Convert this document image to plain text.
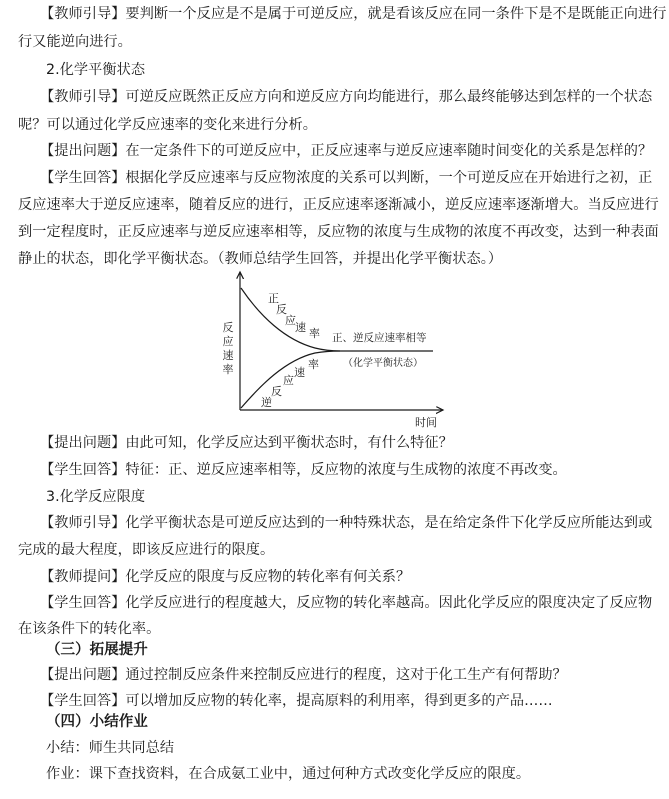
【教师引导】要判断一个反应是不是属于可逆反应，就是看该反应在同一条件下是不是既能正向进行
行又能逆向进行。
2.化学平衡状态
【教师引导】可逆反应既然正反应方向和逆反应方向均能进行，那么最终能够达到怎样的一个状态
呢？可以通过化学反应速率的变化来进行分析。
【提出问题】在一定条件下的可逆反应中，正反应速率与逆反应速率随时间变化的关系是怎样的？
【学生回答】根据化学反应速率与反应物浓度的关系可以判断，一个可逆反应在开始进行之初，正
反应速率大于逆反应速率，随着反应的进行，正反应速率逐渐减小，逆反应速率逐渐增大。当反应进行
到一定程度时，正反应速率与逆反应速率相等，反应物的浓度与生成物的浓度不再改变，达到一种表面
静止的状态，即化学平衡状态。（教师总结学生回答，并提出化学平衡状态。）
反
应
速
率
正
反
应
速 率
逆
反
应
速
率
正、逆反应速率相等
（化学平衡状态）
时间
【提出问题】由此可知，化学反应达到平衡状态时，有什么特征？
【学生回答】特征：正、逆反应速率相等，反应物的浓度与生成物的浓度不再改变。
3.化学反应限度
【教师引导】化学平衡状态是可逆反应达到的一种特殊状态，是在给定条件下化学反应所能达到或
完成的最大程度，即该反应进行的限度。
【教师提问】化学反应的限度与反应物的转化率有何关系？
【学生回答】化学反应进行的程度越大，反应物的转化率越高。因此化学反应的限度决定了反应物
在该条件下的转化率。
（三）拓展提升
【提出问题】通过控制反应条件来控制反应进行的程度，这对于化工生产有何帮助？
【学生回答】可以增加反应物的转化率，提高原料的利用率，得到更多的产品……
（四）小结作业
小结：师生共同总结
作业：课下查找资料，在合成氨工业中，通过何种方式改变化学反应的限度。
